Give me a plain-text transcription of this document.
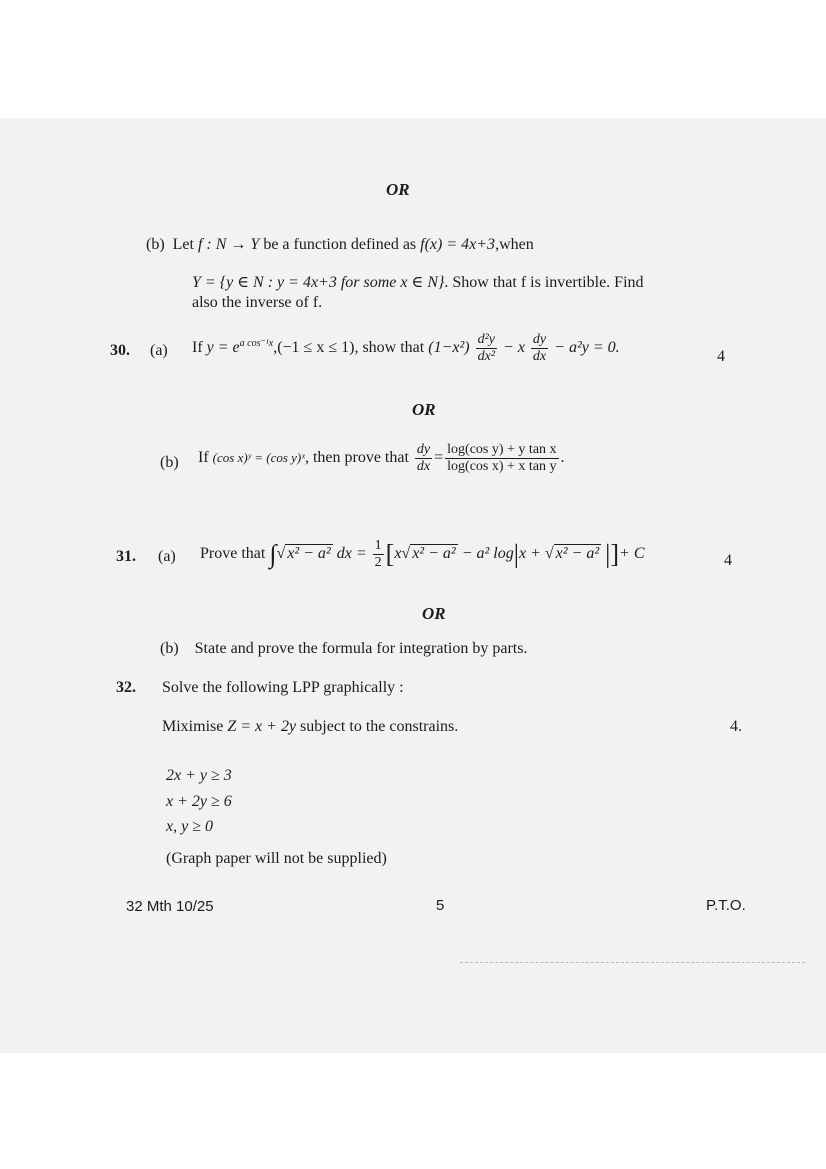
OR
(b) Let f : N → Y be a function defined as f(x) = 4x+3,when
Y = {y ∈ N : y = 4x+3 for some x ∈ N}. Show that f is invertible. Find
also the inverse of f.
30. (a) If $y = e^{a cos^{-1}x},(-1 \le x \le 1)$, show that $(1-x^2) \frac{\text{d²y}}{\text{dx²}} - x \frac{dy}{dx} - a^2y = 0$.
4
OR
(b) If (cos x)ʸ = (cos y)ˣ, then prove that $\frac{dy}{dx} = \frac{\text{log(cos y) + y tan x}}{\text{log(cos x) + x tan y}}$ .
31. (a) Prove that ∫√ x² − a² dx = $\frac{1}{2} [x√$ x² − a² − a² log|x + √ x² − a² |]+ C	4
OR
(b) State and prove the formula for integration by parts.
32. Solve the following LPP graphically :
Miximise Z = x + 2y subject to the constrains.	4.
2x + y ≥ 3
x + 2y ≥ 6
x, y ≥ 0
(Graph paper will not be supplied)
32 Mth 10/25	5	P.T.O.
